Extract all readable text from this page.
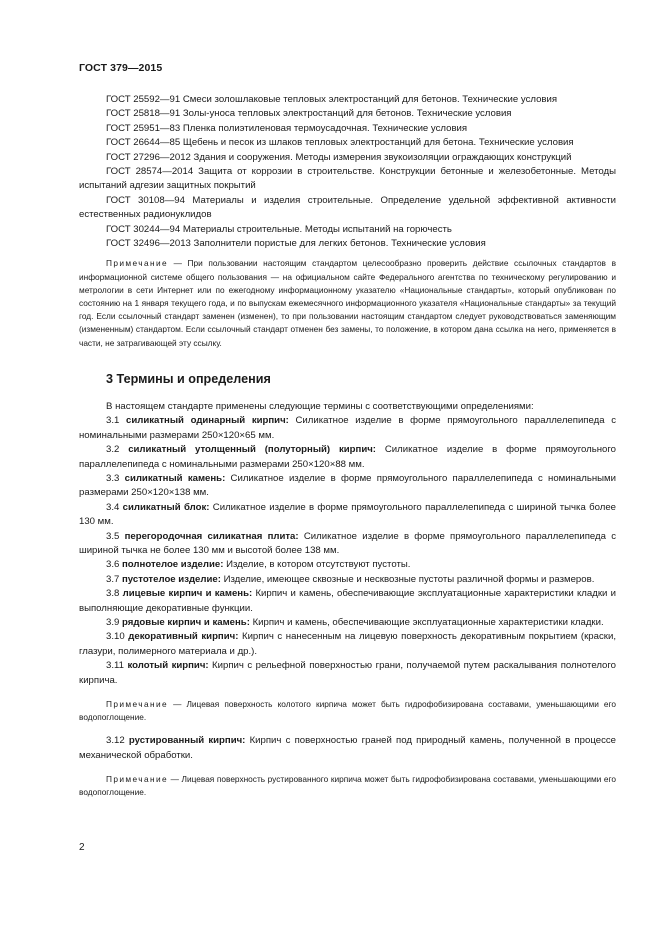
ГОСТ 379—2015

ГОСТ 25592—91 Смеси золошлаковые тепловых электростанций для бетонов. Технические условия

ГОСТ 25818—91 Золы-уноса тепловых электростанций для бетонов. Технические условия

ГОСТ 25951—83 Пленка полиэтиленовая термоусадочная. Технические условия

ГОСТ 26644—85 Щебень и песок из шлаков тепловых электростанций для бетона. Технические условия

ГОСТ 27296—2012 Здания и сооружения. Методы измерения звукоизоляции ограждающих конструкций

ГОСТ 28574—2014 Защита от коррозии в строительстве. Конструкции бетонные и железобетонные. Методы испытаний адгезии защитных покрытий

ГОСТ 30108—94 Материалы и изделия строительные. Определение удельной эффективной активности естественных радионуклидов

ГОСТ 30244—94 Материалы строительные. Методы испытаний на горючесть

ГОСТ 32496—2013 Заполнители пористые для легких бетонов. Технические условия

Примечание — При пользовании настоящим стандартом целесообразно проверить действие ссылочных стандартов в информационной системе общего пользования — на официальном сайте Федерального агентства по техническому регулированию и метрологии в сети Интернет или по ежегодному информационному указателю «Национальные стандарты», который опубликован по состоянию на 1 января текущего года, и по выпускам ежемесячного информационного указателя «Национальные стандарты» за текущий год. Если ссылочный стандарт заменен (изменен), то при пользовании настоящим стандартом следует руководствоваться заменяющим (измененным) стандартом. Если ссылочный стандарт отменен без замены, то положение, в котором дана ссылка на него, применяется в части, не затрагивающей эту ссылку.

3 Термины и определения

В настоящем стандарте применены следующие термины с соответствующими определениями:

3.1 силикатный одинарный кирпич: Силикатное изделие в форме прямоугольного параллелепипеда с номинальными размерами 250×120×65 мм.

3.2 силикатный утолщенный (полуторный) кирпич: Силикатное изделие в форме прямоугольного параллелепипеда с номинальными размерами 250×120×88 мм.

3.3 силикатный камень: Силикатное изделие в форме прямоугольного параллелепипеда с номинальными размерами 250×120×138 мм.

3.4 силикатный блок: Силикатное изделие в форме прямоугольного параллелепипеда с шириной тычка более 130 мм.

3.5 перегородочная силикатная плита: Силикатное изделие в форме прямоугольного параллелепипеда с шириной тычка не более 130 мм и высотой более 138 мм.

3.6 полнотелое изделие: Изделие, в котором отсутствуют пустоты.

3.7 пустотелое изделие: Изделие, имеющее сквозные и несквозные пустоты различной формы и размеров.

3.8 лицевые кирпич и камень: Кирпич и камень, обеспечивающие эксплуатационные характеристики кладки и выполняющие декоративные функции.

3.9 рядовые кирпич и камень: Кирпич и камень, обеспечивающие эксплуатационные характеристики кладки.

3.10 декоративный кирпич: Кирпич с нанесенным на лицевую поверхность декоративным покрытием (краски, глазури, полимерного материала и др.).

3.11 колотый кирпич: Кирпич с рельефной поверхностью грани, получаемой путем раскалывания полнотелого кирпича.

Примечание — Лицевая поверхность колотого кирпича может быть гидрофобизирована составами, уменьшающими его водопоглощение.

3.12 рустированный кирпич: Кирпич с поверхностью граней под природный камень, полученной в процессе механической обработки.

Примечание — Лицевая поверхность рустированного кирпича может быть гидрофобизирована составами, уменьшающими его водопоглощение.

2
